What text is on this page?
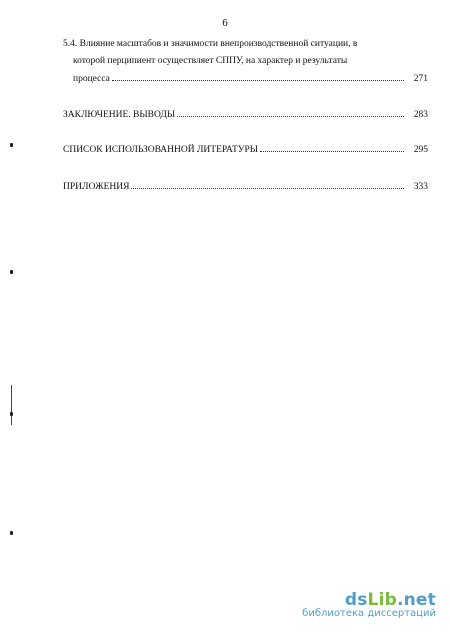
6
5.4. Влияние масштабов и значимости внепроизводственной ситуации, в
которой перципиент осуществляет СППУ, на характер и результаты
процесса	271
ЗАКЛЮЧЕНИЕ. ВЫВОДЫ	283
СПИСОК ИСПОЛЬЗОВАННОЙ ЛИТЕРАТУРЫ	295
ПРИЛОЖЕНИЯ	333
dsLib.net
библиотека диссертаций
